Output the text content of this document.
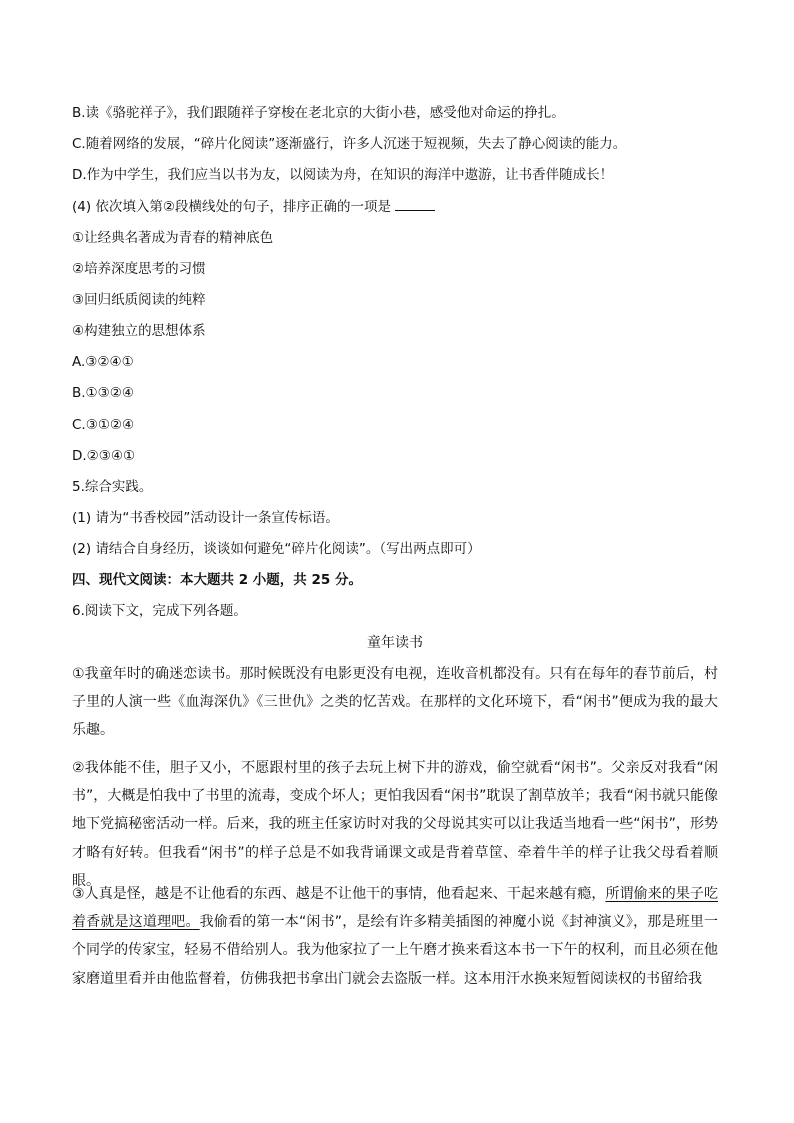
B.读《骆驼祥子》，我们跟随祥子穿梭在老北京的大街小巷，感受他对命运的挣扎。
C.随着网络的发展，“碎片化阅读”逐渐盛行，许多人沉迷于短视频，失去了静心阅读的能力。
D.作为中学生，我们应当以书为友，以阅读为舟，在知识的海洋中遨游，让书香伴随成长！
(4) 依次填入第②段横线处的句子，排序正确的一项是
①让经典名著成为青春的精神底色
②培养深度思考的习惯
③回归纸质阅读的纯粹
④构建独立的思想体系
A.③②④①
B.①③②④
C.③①②④
D.②③④①
5.综合实践。
(1) 请为“书香校园”活动设计一条宣传标语。
(2) 请结合自身经历，谈谈如何避免“碎片化阅读”。（写出两点即可）
四、现代文阅读：本大题共 2 小题，共 25 分。
6.阅读下文，完成下列各题。
童年读书
①我童年时的确迷恋读书。那时候既没有电影更没有电视，连收音机都没有。只有在每年的春节前后，村子里的人演一些《血海深仇》《三世仇》之类的忆苦戏。在那样的文化环境下，看“闲书”便成为我的最大乐趣。
②我体能不佳，胆子又小，不愿跟村里的孩子去玩上树下井的游戏，偷空就看“闲书”。父亲反对我看“闲书”，大概是怕我中了书里的流毒，变成个坏人；更怕我因看“闲书”耽误了割草放羊；我看“闲书就只能像地下党搞秘密活动一样。后来，我的班主任家访时对我的父母说其实可以让我适当地看一些“闲书”，形势才略有好转。但我看“闲书”的样子总是不如我背诵课文或是背着草筐、牵着牛羊的样子让我父母看着顺眼。
③人真是怪，越是不让他看的东西、越是不让他干的事情，他看起来、干起来越有瘾，所谓偷来的果子吃着香就是这道理吧。我偷看的第一本“闲书”，是绘有许多精美插图的神魔小说《封神演义》，那是班里一个同学的传家宝，轻易不借给别人。我为他家拉了一上午磨才换来看这本书一下午的权利，而且必须在他家磨道里看并由他监督着，仿佛我把书拿出门就会去盗版一样。这本用汗水换来短暂阅读权的书留给我
